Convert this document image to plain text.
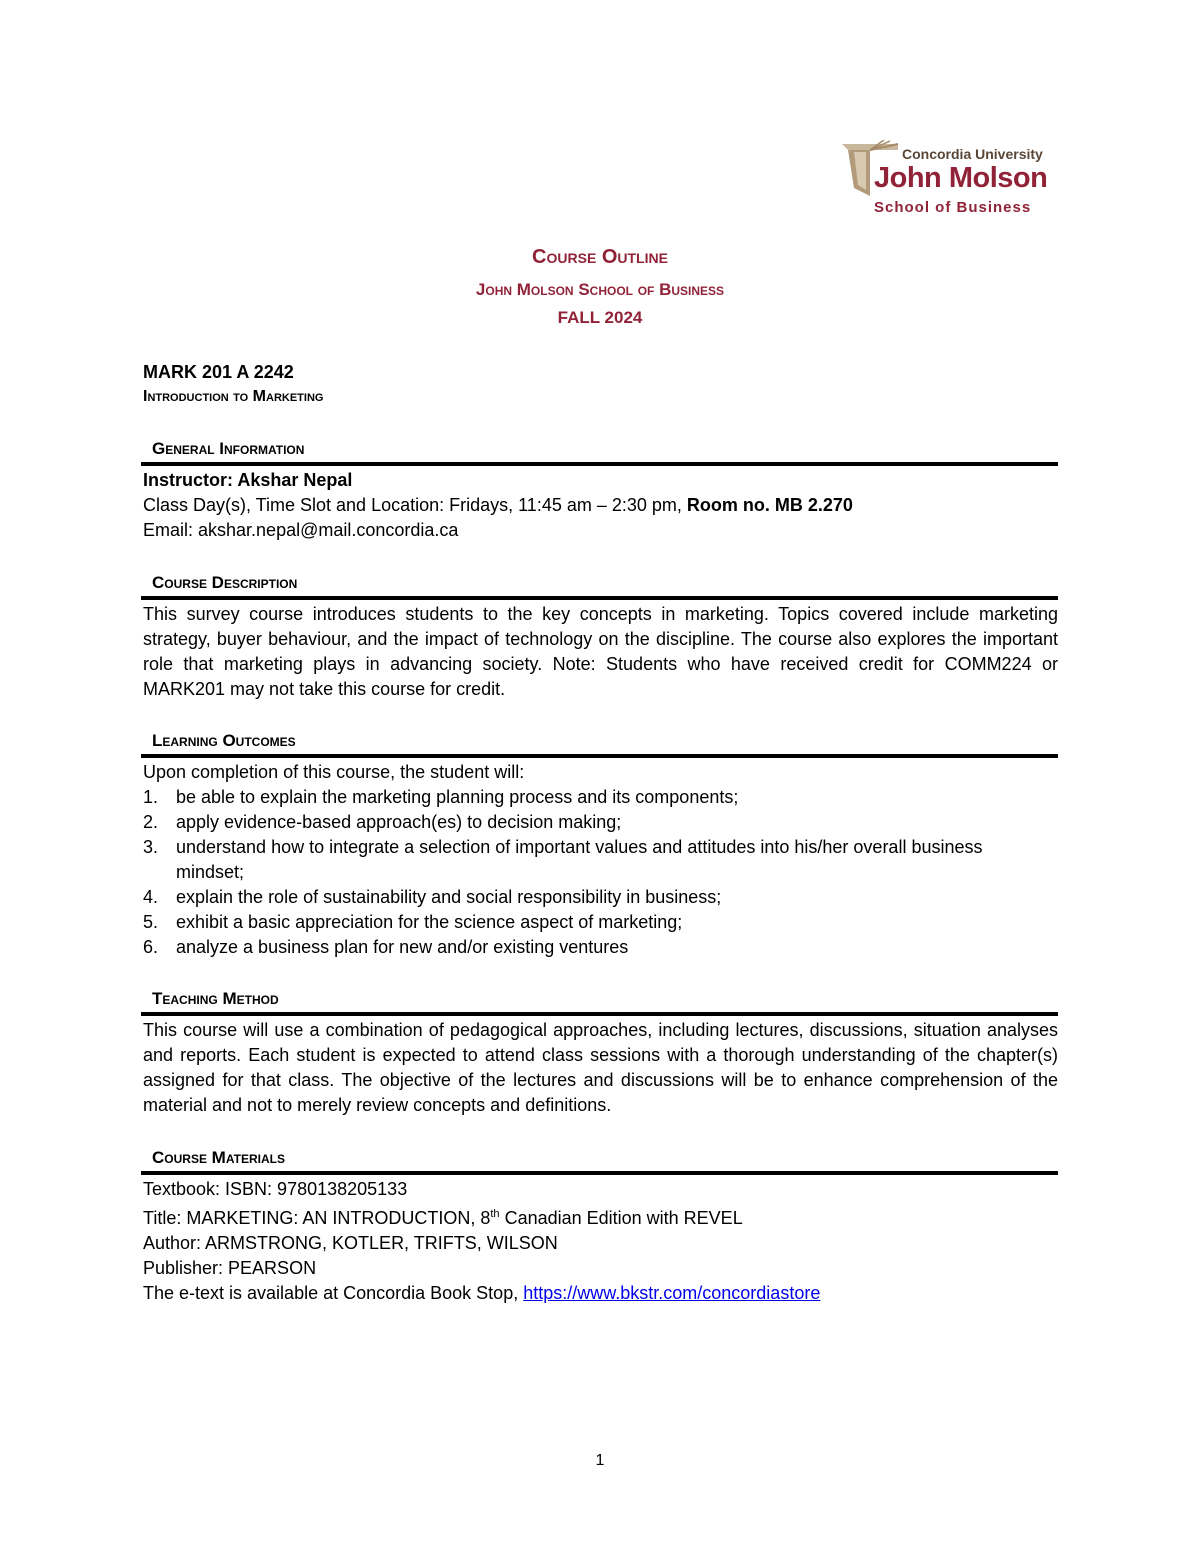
Concordia University
John Molson
School of Business
Course Outline
John Molson School of Business
FALL 2024
MARK 201 A 2242
Introduction to Marketing
General Information
Instructor: Akshar Nepal
Class Day(s), Time Slot and Location: Fridays, 11:45 am – 2:30 pm, Room no. MB 2.270
Email: akshar.nepal@mail.concordia.ca
Course Description
This survey course introduces students to the key concepts in marketing. Topics covered include marketing strategy, buyer behaviour, and the impact of technology on the discipline. The course also explores the important role that marketing plays in advancing society. Note: Students who have received credit for COMM224 or MARK201 may not take this course for credit.
Learning Outcomes
Upon completion of this course, the student will:
1. be able to explain the marketing planning process and its components;
2. apply evidence-based approach(es) to decision making;
3. understand how to integrate a selection of important values and attitudes into his/her overall business mindset;
4. explain the role of sustainability and social responsibility in business;
5. exhibit a basic appreciation for the science aspect of marketing;
6. analyze a business plan for new and/or existing ventures
Teaching Method
This course will use a combination of pedagogical approaches, including lectures, discussions, situation analyses and reports. Each student is expected to attend class sessions with a thorough understanding of the chapter(s) assigned for that class. The objective of the lectures and discussions will be to enhance comprehension of the material and not to merely review concepts and definitions.
Course Materials
Textbook: ISBN: 9780138205133
Title: MARKETING: AN INTRODUCTION, 8th Canadian Edition with REVEL
Author: ARMSTRONG, KOTLER, TRIFTS, WILSON
Publisher: PEARSON
The e-text is available at Concordia Book Stop, https://www.bkstr.com/concordiastore
1
